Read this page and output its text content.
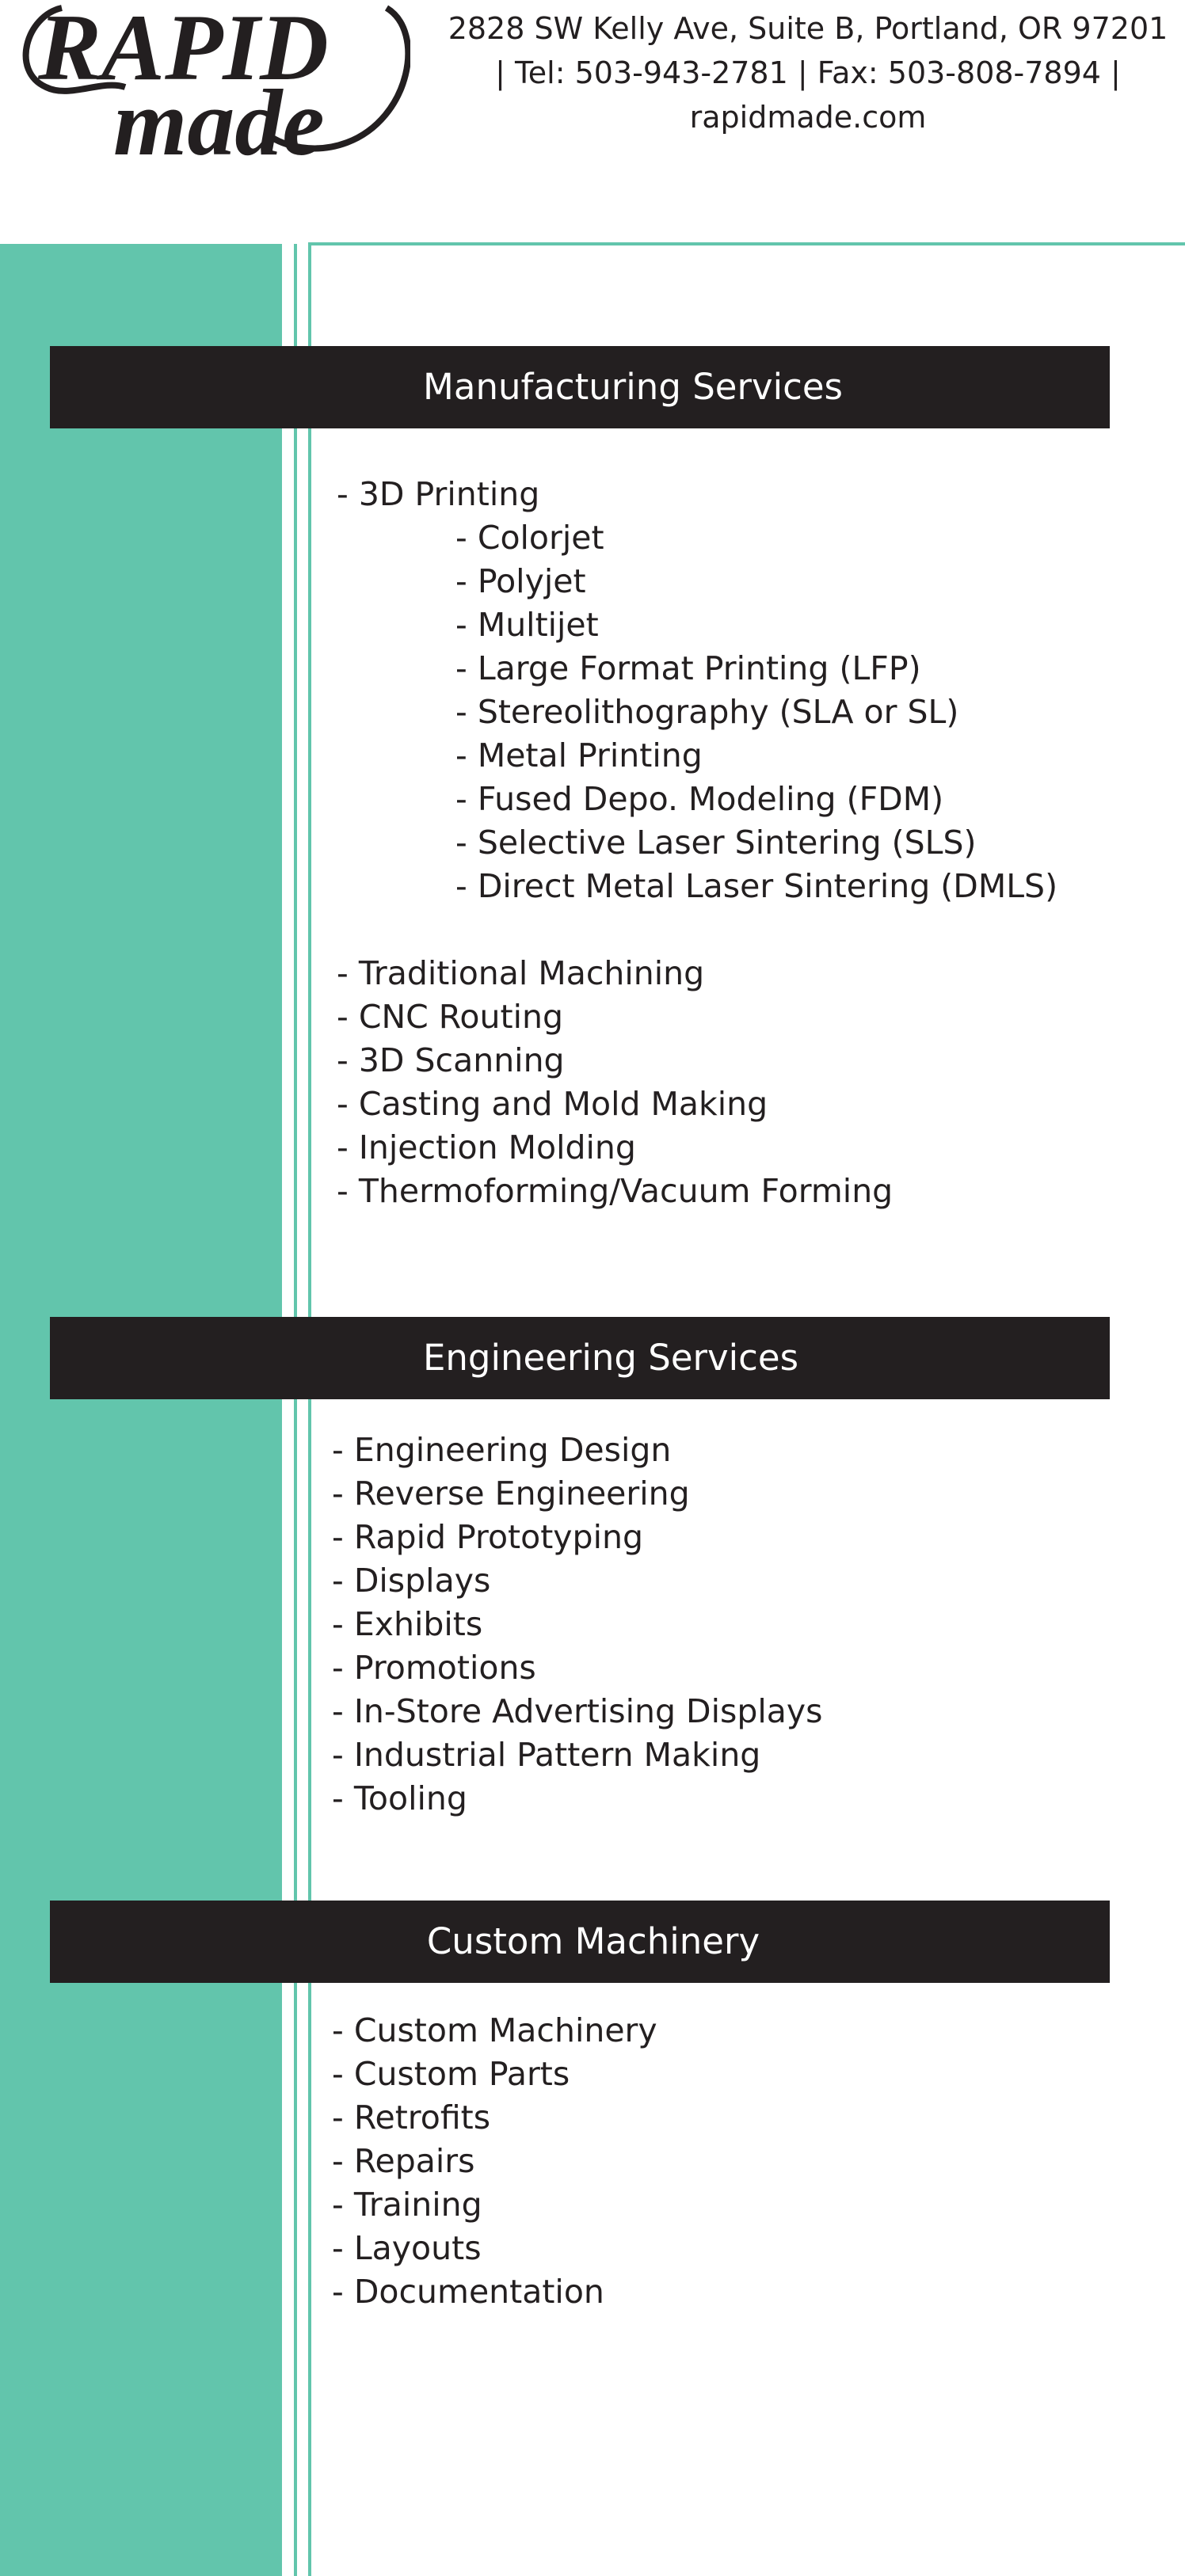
RAPID
made
2828 SW Kelly Ave, Suite B, Portland, OR 97201
| Tel: 503-943-2781 | Fax: 503-808-7894 |
rapidmade.com
Manufacturing Services
- 3D Printing
- Colorjet
- Polyjet
- Multijet
- Large Format Printing (LFP)
- Stereolithography (SLA or SL)
- Metal Printing
- Fused Depo. Modeling (FDM)
- Selective Laser Sintering (SLS)
- Direct Metal Laser Sintering (DMLS)
- Traditional Machining
- CNC Routing
- 3D Scanning
- Casting and Mold Making
- Injection Molding
- Thermoforming/Vacuum Forming
Engineering Services
- Engineering Design
- Reverse Engineering
- Rapid Prototyping
- Displays
- Exhibits
- Promotions
- In-Store Advertising Displays
- Industrial Pattern Making
- Tooling
Custom Machinery
- Custom Machinery
- Custom Parts
- Retrofits
- Repairs
- Training
- Layouts
- Documentation
